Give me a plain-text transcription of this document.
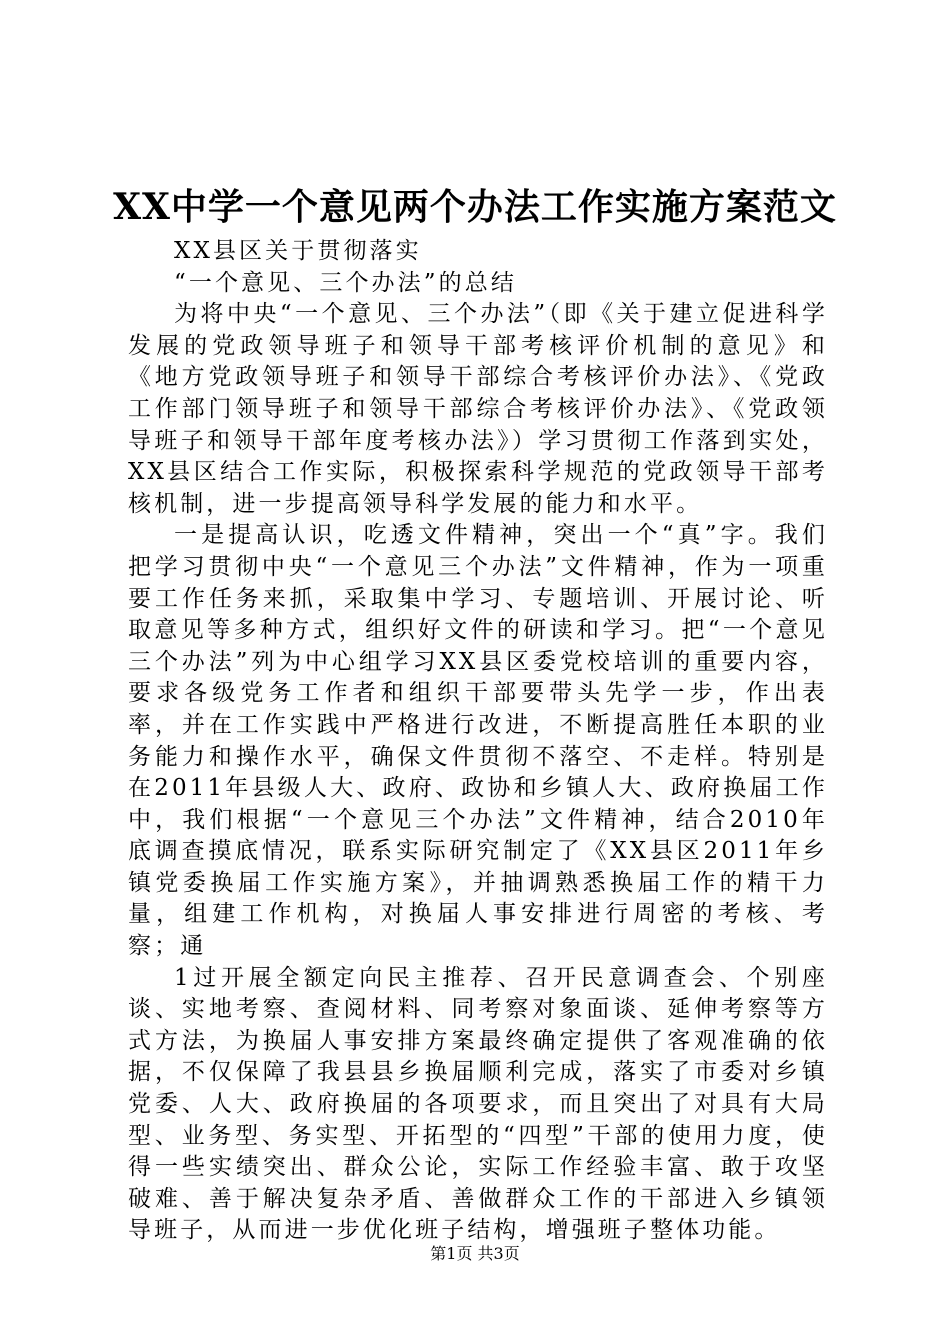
XX中学一个意见两个办法工作实施方案范文

XX县区关于贯彻落实

“一个意见、三个办法”的总结

为将中央“一个意见、三个办法”（即《关于建立促进科学发展的党政领导班子和领导干部考核评价机制的意见》和《地方党政领导班子和领导干部综合考核评价办法》、《党政工作部门领导班子和领导干部综合考核评价办法》、《党政领导班子和领导干部年度考核办法》）学习贯彻工作落到实处，XX县区结合工作实际，积极探索科学规范的党政领导干部考核机制，进一步提高领导科学发展的能力和水平。

一是提高认识，吃透文件精神，突出一个“真”字。我们把学习贯彻中央“一个意见三个办法”文件精神，作为一项重要工作任务来抓，采取集中学习、专题培训、开展讨论、听取意见等多种方式，组织好文件的研读和学习。把“一个意见三个办法”列为中心组学习XX县区委党校培训的重要内容，要求各级党务工作者和组织干部要带头先学一步，作出表率，并在工作实践中严格进行改进，不断提高胜任本职的业务能力和操作水平，确保文件贯彻不落空、不走样。特别是在2011年县级人大、政府、政协和乡镇人大、政府换届工作中，我们根据“一个意见三个办法”文件精神，结合2010年底调查摸底情况，联系实际研究制定了《XX县区2011年乡镇党委换届工作实施方案》，并抽调熟悉换届工作的精干力量，组建工作机构，对换届人事安排进行周密的考核、考察；通

1过开展全额定向民主推荐、召开民意调查会、个别座谈、实地考察、查阅材料、同考察对象面谈、延伸考察等方式方法，为换届人事安排方案最终确定提供了客观准确的依据，不仅保障了我县县乡换届顺利完成，落实了市委对乡镇党委、人大、政府换届的各项要求，而且突出了对具有大局型、业务型、务实型、开拓型的“四型”干部的使用力度，使得一些实绩突出、群众公论，实际工作经验丰富、敢于攻坚破难、善于解决复杂矛盾、善做群众工作的干部进入乡镇领导班子，从而进一步优化班子结构，增强班子整体功能。

第1页 共3页
